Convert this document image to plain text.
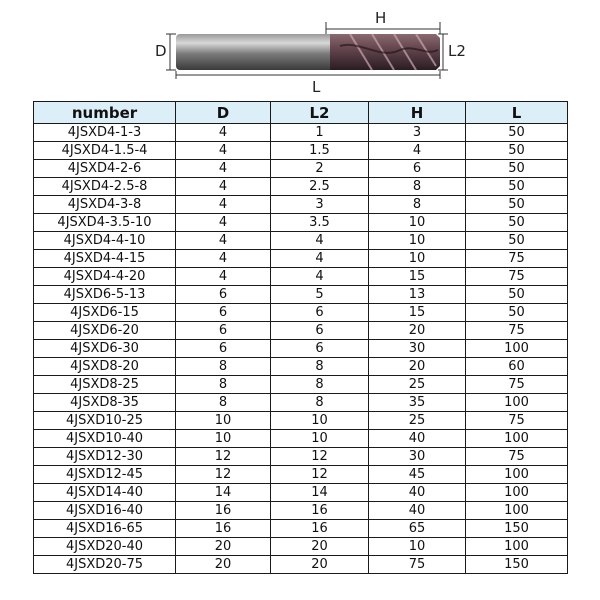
D	L2
H
L
number	D	L2	H	L
4JSXD4-1-3	4	1	3	50
4JSXD4-1.5-4	4	1.5	4	50
4JSXD4-2-6	4	2	6	50
4JSXD4-2.5-8	4	2.5	8	50
4JSXD4-3-8	4	3	8	50
4JSXD4-3.5-10	4	3.5	10	50
4JSXD4-4-10	4	4	10	50
4JSXD4-4-15	4	4	10	75
4JSXD4-4-20	4	4	15	75
4JSXD6-5-13	6	5	13	50
4JSXD6-15	6	6	15	50
4JSXD6-20	6	6	20	75
4JSXD6-30	6	6	30	100
4JSXD8-20	8	8	20	60
4JSXD8-25	8	8	25	75
4JSXD8-35	8	8	35	100
4JSXD10-25	10	10	25	75
4JSXD10-40	10	10	40	100
4JSXD12-30	12	12	30	75
4JSXD12-45	12	12	45	100
4JSXD14-40	14	14	40	100
4JSXD16-40	16	16	40	100
4JSXD16-65	16	16	65	150
4JSXD20-40	20	20	10	100
4JSXD20-75	20	20	75	150
